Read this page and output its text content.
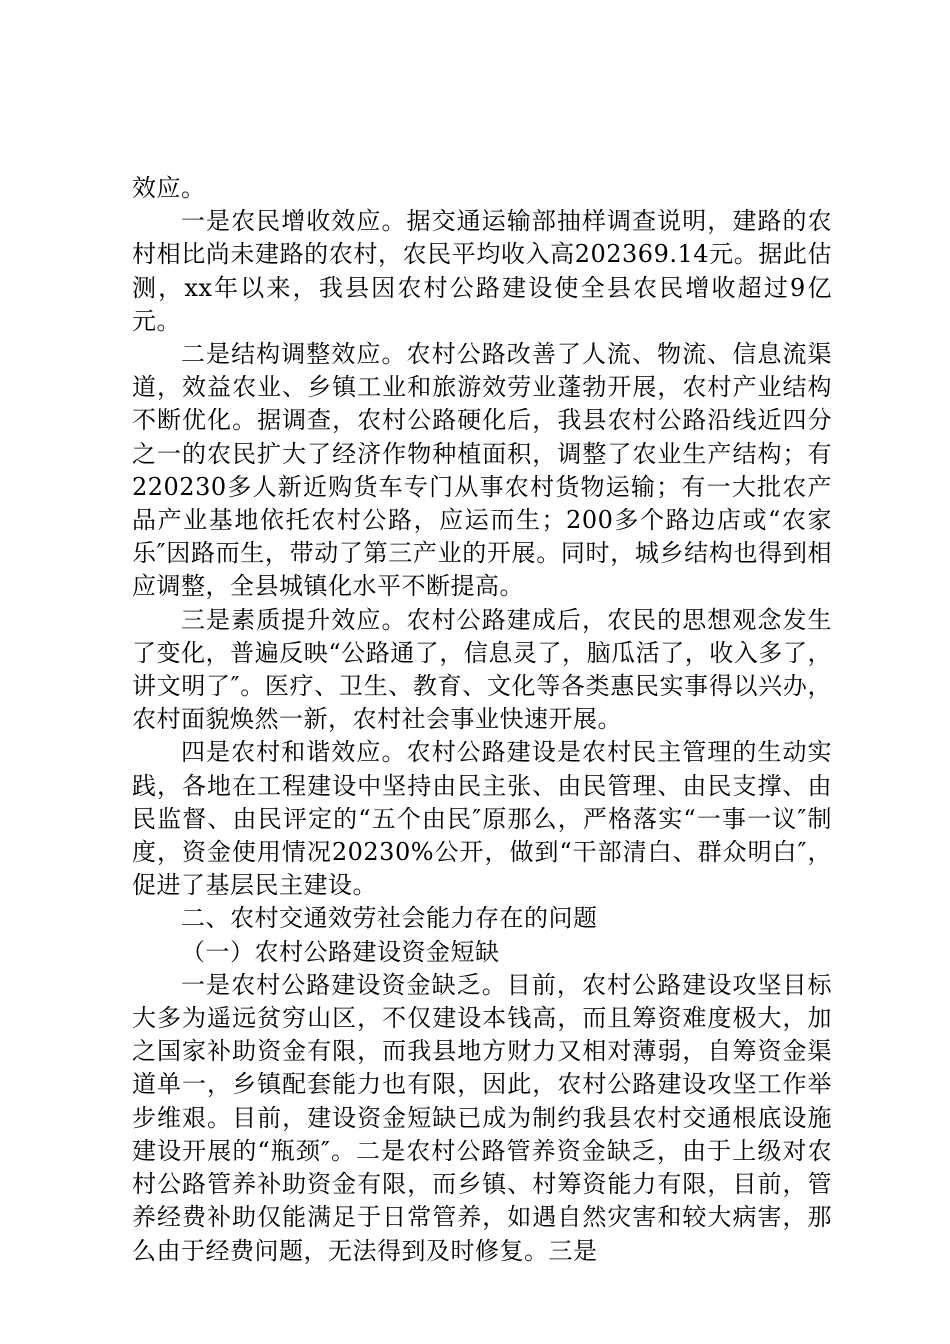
效应。

一是农民增收效应。据交通运输部抽样调查说明，建路的农村相比尚未建路的农村，农民平均收入高202369.14元。据此估测，xx年以来，我县因农村公路建设使全县农民增收超过9亿元。

二是结构调整效应。农村公路改善了人流、物流、信息流渠道，效益农业、乡镇工业和旅游效劳业蓬勃开展，农村产业结构不断优化。据调查，农村公路硬化后，我县农村公路沿线近四分之一的农民扩大了经济作物种植面积，调整了农业生产结构；有220230多人新近购货车专门从事农村货物运输；有一大批农产品产业基地依托农村公路，应运而生；200多个路边店或“农家乐″因路而生，带动了第三产业的开展。同时，城乡结构也得到相应调整，全县城镇化水平不断提高。

三是素质提升效应。农村公路建成后，农民的思想观念发生了变化，普遍反映“公路通了，信息灵了，脑瓜活了，收入多了，讲文明了″。医疗、卫生、教育、文化等各类惠民实事得以兴办，农村面貌焕然一新，农村社会事业快速开展。

四是农村和谐效应。农村公路建设是农村民主管理的生动实践，各地在工程建设中坚持由民主张、由民管理、由民支撑、由民监督、由民评定的“五个由民″原那么，严格落实“一事一议″制度，资金使用情况20230%公开，做到“干部清白、群众明白″，促进了基层民主建设。

二、农村交通效劳社会能力存在的问题

（一）农村公路建设资金短缺

一是农村公路建设资金缺乏。目前，农村公路建设攻坚目标大多为遥远贫穷山区，不仅建设本钱高，而且筹资难度极大，加之国家补助资金有限，而我县地方财力又相对薄弱，自筹资金渠道单一，乡镇配套能力也有限，因此，农村公路建设攻坚工作举步维艰。目前，建设资金短缺已成为制约我县农村交通根底设施建设开展的“瓶颈″。二是农村公路管养资金缺乏，由于上级对农村公路管养补助资金有限，而乡镇、村筹资能力有限，目前，管养经费补助仅能满足于日常管养，如遇自然灾害和较大病害，那么由于经费问题，无法得到及时修复。三是
